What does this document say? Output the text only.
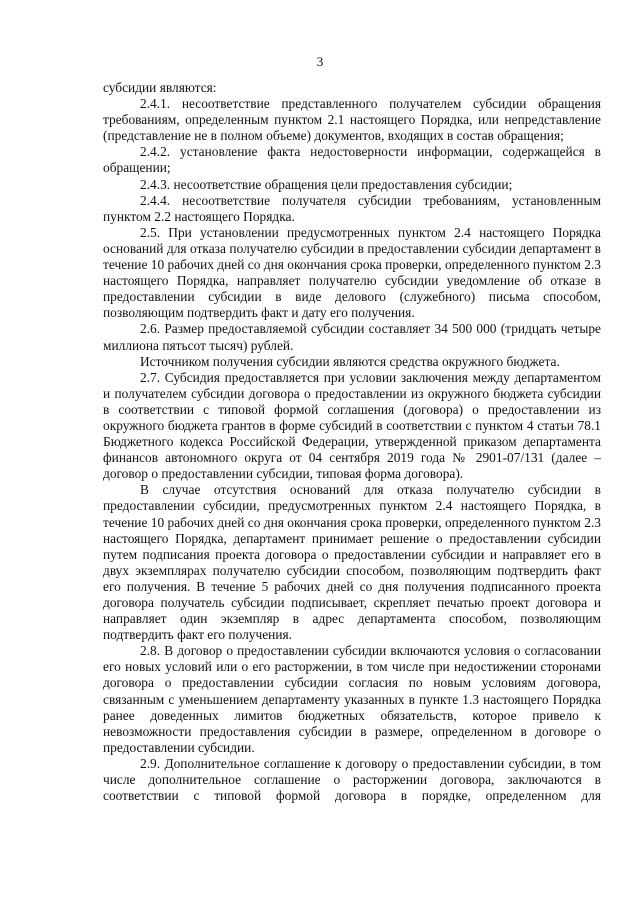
3

субсидии являются:

2.4.1. несоответствие представленного получателем субсидии обращения требованиям, определенным пунктом 2.1 настоящего Порядка, или непредставление (представление не в полном объеме) документов, входящих в состав обращения;

2.4.2. установление факта недостоверности информации, содержащейся в обращении;

2.4.3. несоответствие обращения цели предоставления субсидии;

2.4.4. несоответствие получателя субсидии требованиям, установленным пунктом 2.2 настоящего Порядка.

2.5. При установлении предусмотренных пунктом 2.4 настоящего Порядка оснований для отказа получателю субсидии в предоставлении субсидии департамент в течение 10 рабочих дней со дня окончания срока проверки, определенного пунктом 2.3 настоящего Порядка, направляет получателю субсидии уведомление об отказе в предоставлении субсидии в виде делового (служебного) письма способом, позволяющим подтвердить факт и дату его получения.

2.6. Размер предоставляемой субсидии составляет 34 500 000 (тридцать четыре миллиона пятьсот тысяч) рублей.

Источником получения субсидии являются средства окружного бюджета.

2.7. Субсидия предоставляется при условии заключения между департаментом и получателем субсидии договора о предоставлении из окружного бюджета субсидии в соответствии с типовой формой соглашения (договора) о предоставлении из окружного бюджета грантов в форме субсидий в соответствии с пунктом 4 статьи 78.1 Бюджетного кодекса Российской Федерации, утвержденной приказом департамента финансов автономного округа от 04 сентября 2019 года № 2901-07/131 (далее – договор о предоставлении субсидии, типовая форма договора).

В случае отсутствия оснований для отказа получателю субсидии в предоставлении субсидии, предусмотренных пунктом 2.4 настоящего Порядка, в течение 10 рабочих дней со дня окончания срока проверки, определенного пунктом 2.3 настоящего Порядка, департамент принимает решение о предоставлении субсидии путем подписания проекта договора о предоставлении субсидии и направляет его в двух экземплярах получателю субсидии способом, позволяющим подтвердить факт его получения. В течение 5 рабочих дней со дня получения подписанного проекта договора получатель субсидии подписывает, скрепляет печатью проект договора и направляет один экземпляр в адрес департамента способом, позволяющим подтвердить факт его получения.

2.8. В договор о предоставлении субсидии включаются условия о согласовании его новых условий или о его расторжении, в том числе при недостижении сторонами договора о предоставлении субсидии согласия по новым условиям договора, связанным с уменьшением департаменту указанных в пункте 1.3 настоящего Порядка ранее доведенных лимитов бюджетных обязательств, которое привело к невозможности предоставления субсидии в размере, определенном в договоре о предоставлении субсидии.

2.9. Дополнительное соглашение к договору о предоставлении субсидии, в том числе дополнительное соглашение о расторжении договора, заключаются в соответствии с типовой формой договора в порядке, определенном для
